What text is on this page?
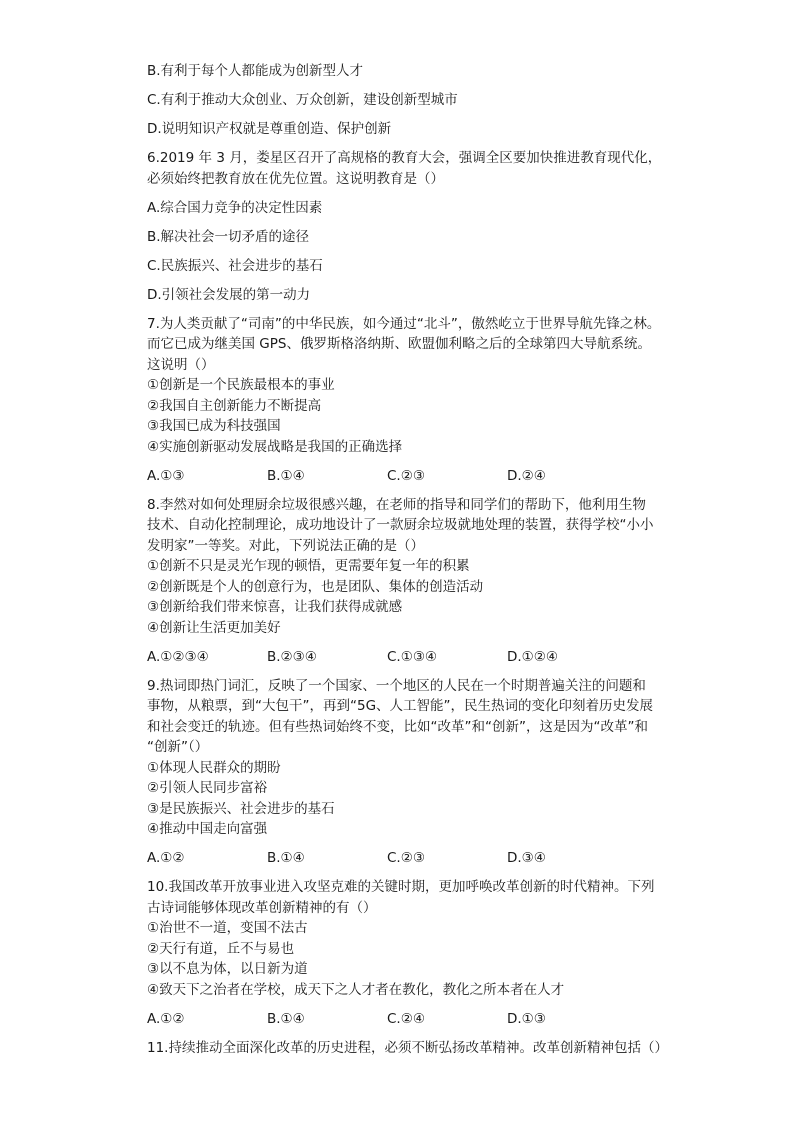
B.有利于每个人都能成为创新型人才
C.有利于推动大众创业、万众创新，建设创新型城市
D.说明知识产权就是尊重创造、保护创新
6.2019 年 3 月，娄星区召开了高规格的教育大会，强调全区要加快推进教育现代化，
必须始终把教育放在优先位置。这说明教育是（）
A.综合国力竞争的决定性因素
B.解决社会一切矛盾的途径
C.民族振兴、社会进步的基石
D.引领社会发展的第一动力
7.为人类贡献了“司南”的中华民族，如今通过“北斗”，傲然屹立于世界导航先锋之林。
而它已成为继美国 GPS、俄罗斯格洛纳斯、欧盟伽利略之后的全球第四大导航系统。
这说明（）
①创新是一个民族最根本的事业
②我国自主创新能力不断提高
③我国已成为科技强国
④实施创新驱动发展战略是我国的正确选择
A.①③	B.①④	C.②③	D.②④
8.李然对如何处理厨余垃圾很感兴趣，在老师的指导和同学们的帮助下，他利用生物
技术、自动化控制理论，成功地设计了一款厨余垃圾就地处理的装置，获得学校“小小
发明家”一等奖。对此，下列说法正确的是（）
①创新不只是灵光乍现的顿悟，更需要年复一年的积累
②创新既是个人的创意行为，也是团队、集体的创造活动
③创新给我们带来惊喜，让我们获得成就感
④创新让生活更加美好
A.①②③④	B.②③④	C.①③④	D.①②④
9.热词即热门词汇，反映了一个国家、一个地区的人民在一个时期普遍关注的问题和
事物，从粮票，到“大包干”，再到“5G、人工智能”，民生热词的变化印刻着历史发展
和社会变迁的轨迹。但有些热词始终不变，比如“改革”和“创新”，这是因为“改革”和
“创新”（）
①体现人民群众的期盼
②引领人民同步富裕
③是民族振兴、社会进步的基石
④推动中国走向富强
A.①②	B.①④	C.②③	D.③④
10.我国改革开放事业进入攻坚克难的关键时期，更加呼唤改革创新的时代精神。下列
古诗词能够体现改革创新精神的有（）
①治世不一道，变国不法古
②天行有道，丘不与易也
③以不息为体，以日新为道
④致天下之治者在学校，成天下之人才者在教化，教化之所本者在人才
A.①②	B.①④	C.②④	D.①③
11.持续推动全面深化改革的历史进程，必须不断弘扬改革精神。改革创新精神包括（）
